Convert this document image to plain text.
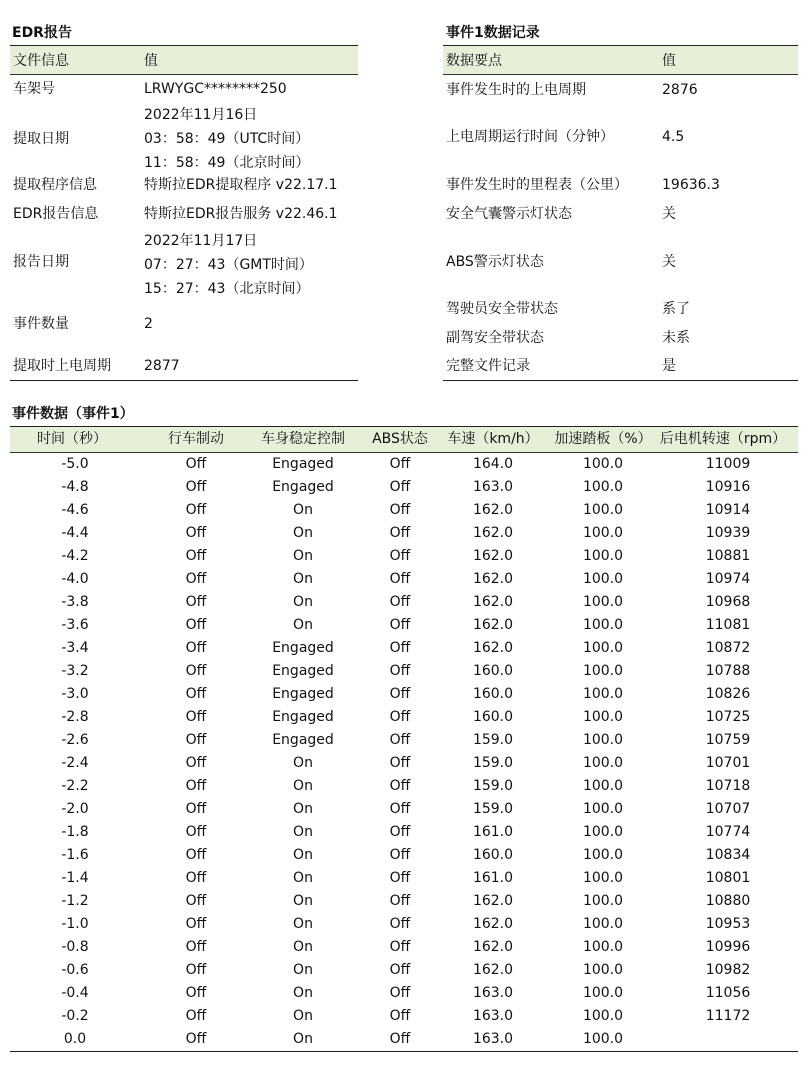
EDR报告
文件信息	值
车架号	LRWYGC********250
提取日期
2022年11月16日
03：58：49（UTC时间）
11：58：49（北京时间）
提取程序信息	特斯拉EDR提取程序 v22.17.1
EDR报告信息	特斯拉EDR报告服务 v22.46.1
报告日期
2022年11月17日
07：27：43（GMT时间）
15：27：43（北京时间）
事件数量	2
提取时上电周期 2877
事件1数据记录
数据要点	值
事件发生时的上电周期	2876
上电周期运行时间（分钟）	4.5
事件发生时的里程表（公里） 19636.3
安全气囊警示灯状态	关
ABS警示灯状态	关
驾驶员安全带状态	系了
副驾安全带状态	未系
完整文件记录	是
事件数据（事件1）
时间（秒）	行车制动	车身稳定控制 ABS状态 车速（km/h） 加速踏板（%） 后电机转速（rpm）
-5.0	Off	Engaged	Off	164.0	100.0	11009
-4.8	Off	Engaged	Off	163.0	100.0	10916
-4.6	Off	On	Off	162.0	100.0	10914
-4.4	Off	On	Off	162.0	100.0	10939
-4.2	Off	On	Off	162.0	100.0	10881
-4.0	Off	On	Off	162.0	100.0	10974
-3.8	Off	On	Off	162.0	100.0	10968
-3.6	Off	On	Off	162.0	100.0	11081
-3.4	Off	Engaged	Off	162.0	100.0	10872
-3.2	Off	Engaged	Off	160.0	100.0	10788
-3.0	Off	Engaged	Off	160.0	100.0	10826
-2.8	Off	Engaged	Off	160.0	100.0	10725
-2.6	Off	Engaged	Off	159.0	100.0	10759
-2.4	Off	On	Off	159.0	100.0	10701
-2.2	Off	On	Off	159.0	100.0	10718
-2.0	Off	On	Off	159.0	100.0	10707
-1.8	Off	On	Off	161.0	100.0	10774
-1.6	Off	On	Off	160.0	100.0	10834
-1.4	Off	On	Off	161.0	100.0	10801
-1.2	Off	On	Off	162.0	100.0	10880
-1.0	Off	On	Off	162.0	100.0	10953
-0.8	Off	On	Off	162.0	100.0	10996
-0.6	Off	On	Off	162.0	100.0	10982
-0.4	Off	On	Off	163.0	100.0	11056
-0.2	Off	On	Off	163.0	100.0	11172
0.0	Off	On	Off	163.0	100.0
